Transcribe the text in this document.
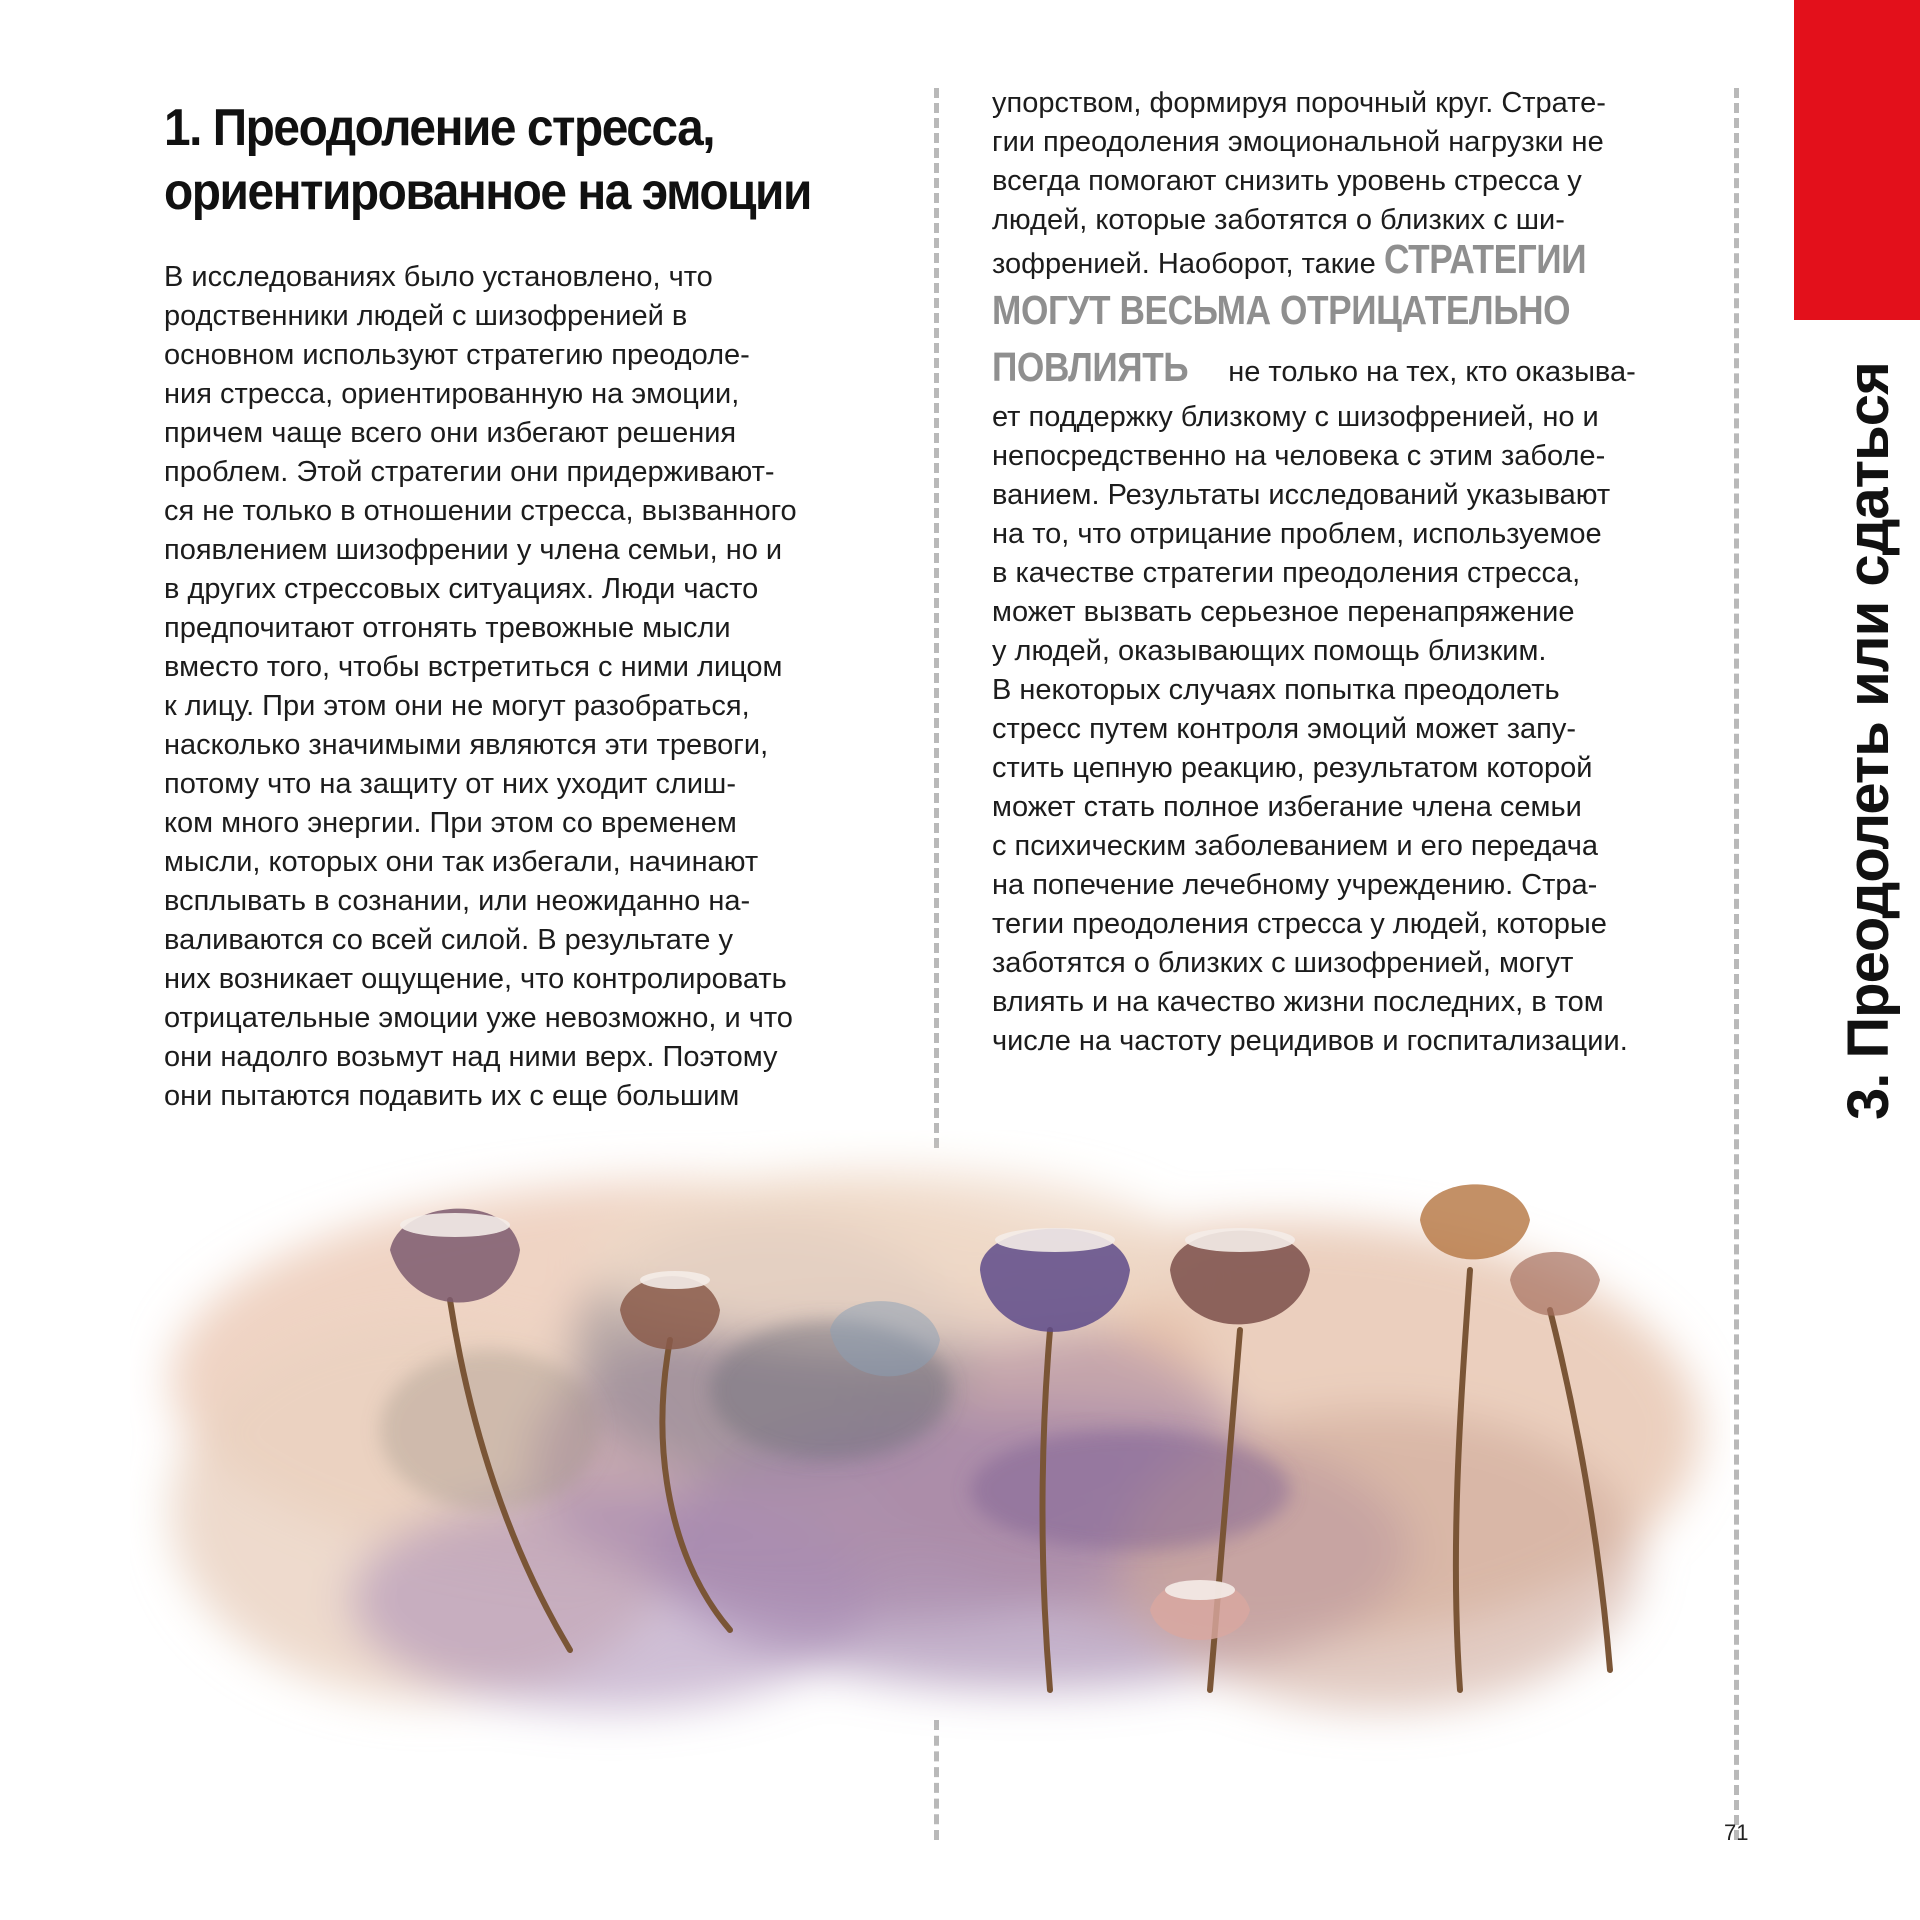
1. Преодоление стресса,
ориентированное на эмоции
В исследованиях было установлено, что
родственники людей с шизофренией в
основном используют стратегию преодоле-
ния стресса, ориентированную на эмоции,
причем чаще всего они избегают решения
проблем. Этой стратегии они придерживают-
ся не только в отношении стресса, вызванного
появлением шизофрении у члена семьи, но и
в других стрессовых ситуациях. Люди часто
предпочитают отгонять тревожные мысли
вместо того, чтобы встретиться с ними лицом
к лицу. При этом они не могут разобраться,
насколько значимыми являются эти тревоги,
потому что на защиту от них уходит слиш-
ком много энергии. При этом со временем
мысли, которых они так избегали, начинают
всплывать в сознании, или неожиданно на-
валиваются со всей силой. В результате у
них возникает ощущение, что контролировать
отрицательные эмоции уже невозможно, и что
они надолго возьмут над ними верх. Поэтому
они пытаются подавить их с еще большим
упорством, формируя порочный круг. Страте-
гии преодоления эмоциональной нагрузки не
всегда помогают снизить уровень стресса у
людей, которые заботятся о близких с ши-
зофренией. Наоборот, такие СТРАТЕГИИ
МОГУТ ВЕСЬМА ОТРИЦАТЕЛЬНО
ПОВЛИЯТЬ не только на тех, кто оказыва-
ет поддержку близкому с шизофренией, но и
непосредственно на человека с этим заболе-
ванием. Результаты исследований указывают
на то, что отрицание проблем, используемое
в качестве стратегии преодоления стресса,
может вызвать серьезное перенапряжение
у людей, оказывающих помощь близким.
В некоторых случаях попытка преодолеть
стресс путем контроля эмоций может запу-
стить цепную реакцию, результатом которой
может стать полное избегание члена семьи
с психическим заболеванием и его передача
на попечение лечебному учреждению. Стра-
тегии преодоления стресса у людей, которые
заботятся о близких с шизофренией, могут
влиять и на качество жизни последних, в том
числе на частоту рецидивов и госпитализации.	3. Преодолеть или сдаться
71
